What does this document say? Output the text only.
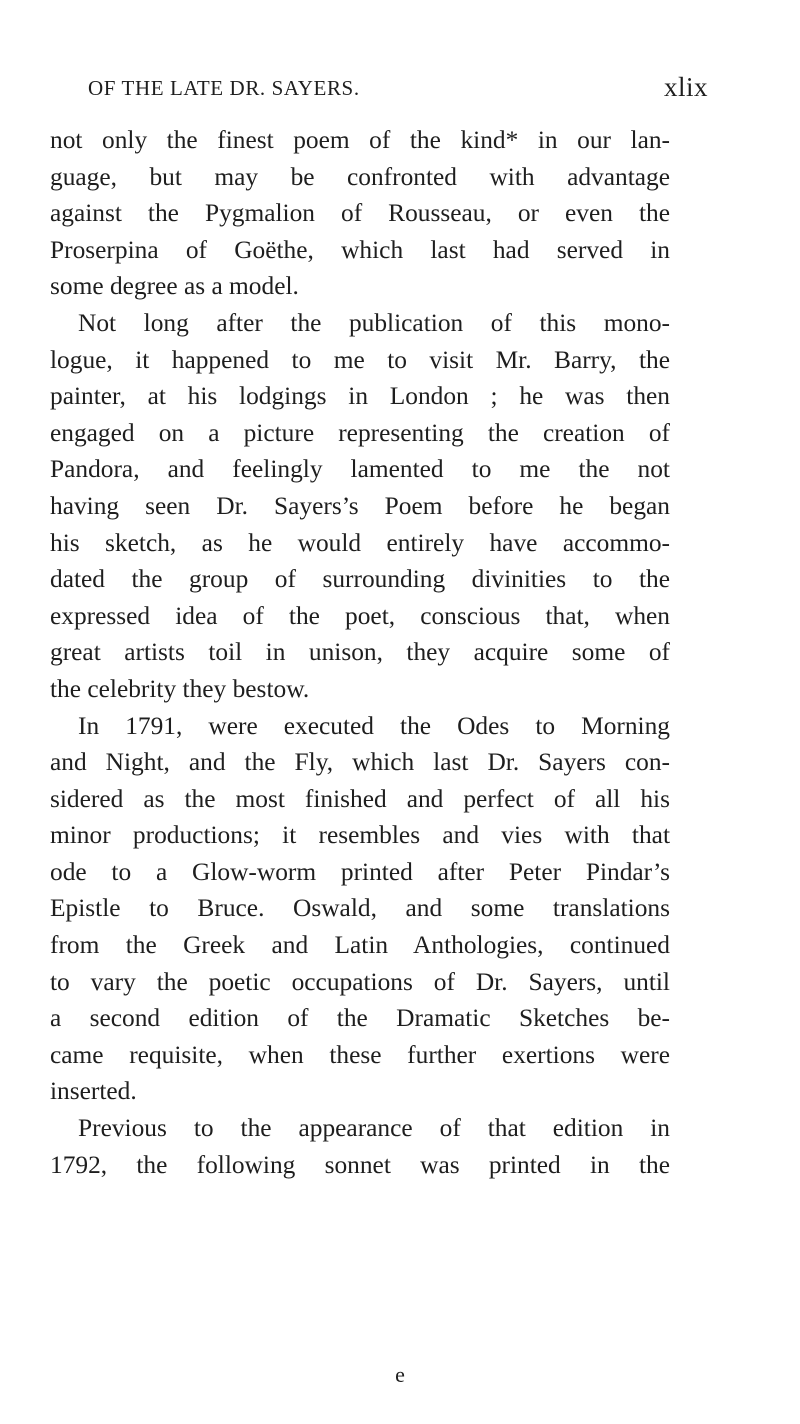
OF THE LATE DR. SAYERS.	xlix
not only the finest poem of the kind* in our lan-
guage, but may be confronted with advantage
against the Pygmalion of Rousseau, or even the
Proserpina of Goëthe, which last had served in
some degree as a model.
Not long after the publication of this mono-
logue, it happened to me to visit Mr. Barry, the
painter, at his lodgings in London ; he was then
engaged on a picture representing the creation of
Pandora, and feelingly lamented to me the not
having seen Dr. Sayers’s Poem before he began
his sketch, as he would entirely have accommo-
dated the group of surrounding divinities to the
expressed idea of the poet, conscious that, when
great artists toil in unison, they acquire some of
the celebrity they bestow.
In 1791, were executed the Odes to Morning
and Night, and the Fly, which last Dr. Sayers con-
sidered as the most finished and perfect of all his
minor productions; it resembles and vies with that
ode to a Glow-worm printed after Peter Pindar’s
Epistle to Bruce. Oswald, and some translations
from the Greek and Latin Anthologies, continued
to vary the poetic occupations of Dr. Sayers, until
a second edition of the Dramatic Sketches be-
came requisite, when these further exertions were
inserted.
Previous to the appearance of that edition in
1792, the following sonnet was printed in the
e
